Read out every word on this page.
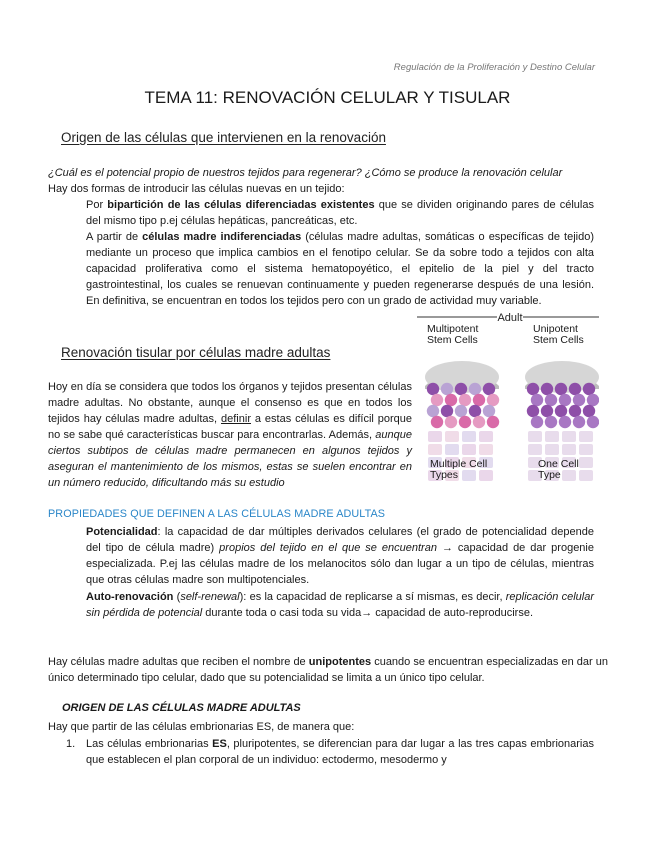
Regulación de la Proliferación y Destino Celular
TEMA 11: RENOVACIÓN CELULAR Y TISULAR
Origen de las células que intervienen en la renovación
¿Cuál es el potencial propio de nuestros tejidos para regenerar? ¿Cómo se produce la renovación celular
Hay dos formas de introducir las células nuevas en un tejido:
Por bipartición de las células diferenciadas existentes que se dividen originando pares de células del mismo tipo p.ej células hepáticas, pancreáticas, etc.
A partir de células madre indiferenciadas (células madre adultas, somáticas o específicas de tejido) mediante un proceso que implica cambios en el fenotipo celular. Se da sobre todo a tejidos con alta capacidad proliferativa como el sistema hematopoyético, el epitelio de la piel y del tracto gastrointestinal, los cuales se renuevan continuamente y pueden regenerarse después de una lesión. En definitiva, se encuentran en todos los tejidos pero con un grado de actividad muy variable.
Adult
Multipotent Stem Cells
Unipotent Stem Cells
Multiple Cell Types
One Cell Type
Renovación tisular por células madre adultas
Hoy en día se considera que todos los órganos y tejidos presentan células madre adultas. No obstante, aunque el consenso es que en todos los tejidos hay células madre adultas, definir a estas células es difícil porque no se sabe qué características buscar para encontrarlas. Además, aunque ciertos subtipos de células madre permanecen en algunos tejidos y aseguran el mantenimiento de los mismos, estas se suelen encontrar en un número reducido, dificultando más su estudio
PROPIEDADES QUE DEFINEN A LAS CÉLULAS MADRE ADULTAS
Potencialidad: la capacidad de dar múltiples derivados celulares (el grado de potencialidad depende del tipo de célula madre) propios del tejido en el que se encuentran → capacidad de dar progenie especializada. P.ej las células madre de los melanocitos sólo dan lugar a un tipo de células, mientras que otras células madre son multipotenciales.
Auto-renovación (self-renewal): es la capacidad de replicarse a sí mismas, es decir, replicación celular sin pérdida de potencial durante toda o casi toda su vida→ capacidad de auto-reproducirse.
Hay células madre adultas que reciben el nombre de unipotentes cuando se encuentran especializadas en dar un único determinado tipo celular, dado que su potencialidad se limita a un único tipo celular.
ORIGEN DE LAS CÉLULAS MADRE ADULTAS
Hay que partir de las células embrionarias ES, de manera que:
1. Las células embrionarias ES, pluripotentes, se diferencian para dar lugar a las tres capas embrionarias que establecen el plan corporal de un individuo: ectodermo, mesodermo y
